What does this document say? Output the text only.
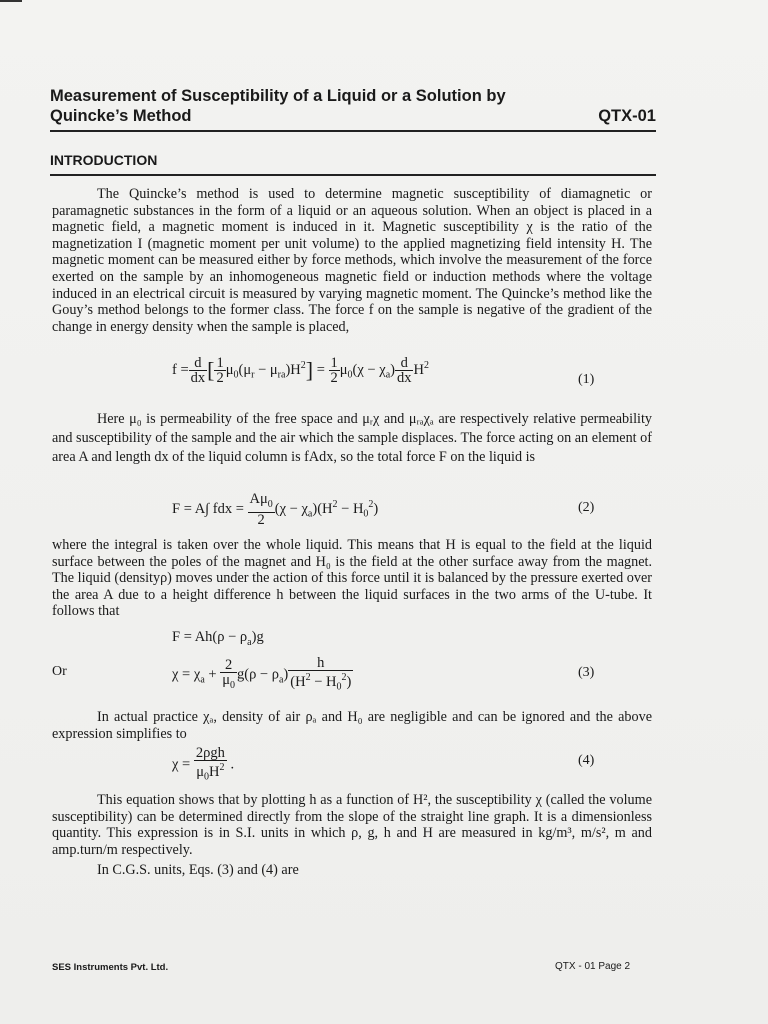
Measurement of Susceptibility of a Liquid or a Solution by
Quincke’s Method	QTX-01
INTRODUCTION
The Quincke’s method is used to determine magnetic susceptibility of diamagnetic or paramagnetic substances in the form of a liquid or an aqueous solution. When an object is placed in a magnetic field, a magnetic moment is induced in it. Magnetic susceptibility χ is the ratio of the magnetization I (magnetic moment per unit volume) to the applied magnetizing field intensity H. The magnetic moment can be measured either by force methods, which involve the measurement of the force exerted on the sample by an inhomogeneous magnetic field or induction methods where the voltage induced in an electrical circuit is measured by varying magnetic moment. The Quincke’s method like the Gouy’s method belongs to the former class. The force f on the sample is negative of the gradient of the change in energy density when the sample is placed,
$f = \frac{d}{dx}$ [ $\frac{1}{2} \mu_0(\mu_r - \mu_{ra})H^2] = \frac{1}{2} \mu_0(\chi - \chi_a) \frac{d}{dx} H^2$
(1)
Here μ₀ is permeability of the free space and μᵣχ and μᵣₐχₐ are respectively relative permeability and susceptibility of the sample and the air which the sample displaces. The force acting on an element of area A and length dx of the liquid column is fAdx, so the total force F on the liquid is
F = A∫ fdx = $\frac{A\mu_0}{2} (\chi - \chi_a)(H^2 - H_0^2)$	(2)
where the integral is taken over the whole liquid. This means that H is equal to the field at the liquid surface between the poles of the magnet and H₀ is the field at the other surface away from the magnet. The liquid (densityρ) moves under the action of this force until it is balanced by the pressure exerted over the area A due to a height difference h between the liquid surfaces in the two arms of the U-tube. It follows that
$F = Ah(\rho - \rho_a)g$
Or	$\chi = \chi_a + \frac{2}{\mu_0} g(\rho - \rho_a) \frac{h}{(H^2 - H_0^2)}$	(3)
In actual practice χₐ, density of air ρₐ and H₀ are negligible and can be ignored and the above expression simplifies to
$\chi = \frac{\text{2ρgh}}{\mu_0H^2}$ .	(4)
This equation shows that by plotting h as a function of H², the susceptibility χ (called the volume susceptibility) can be determined directly from the slope of the straight line graph. It is a dimensionless quantity. This expression is in S.I. units in which ρ, g, h and H are measured in kg/m³, m/s², m and amp.turn/m respectively.
In C.G.S. units, Eqs. (3) and (4) are
SES Instruments Pvt. Ltd.	QTX - 01 Page 2
